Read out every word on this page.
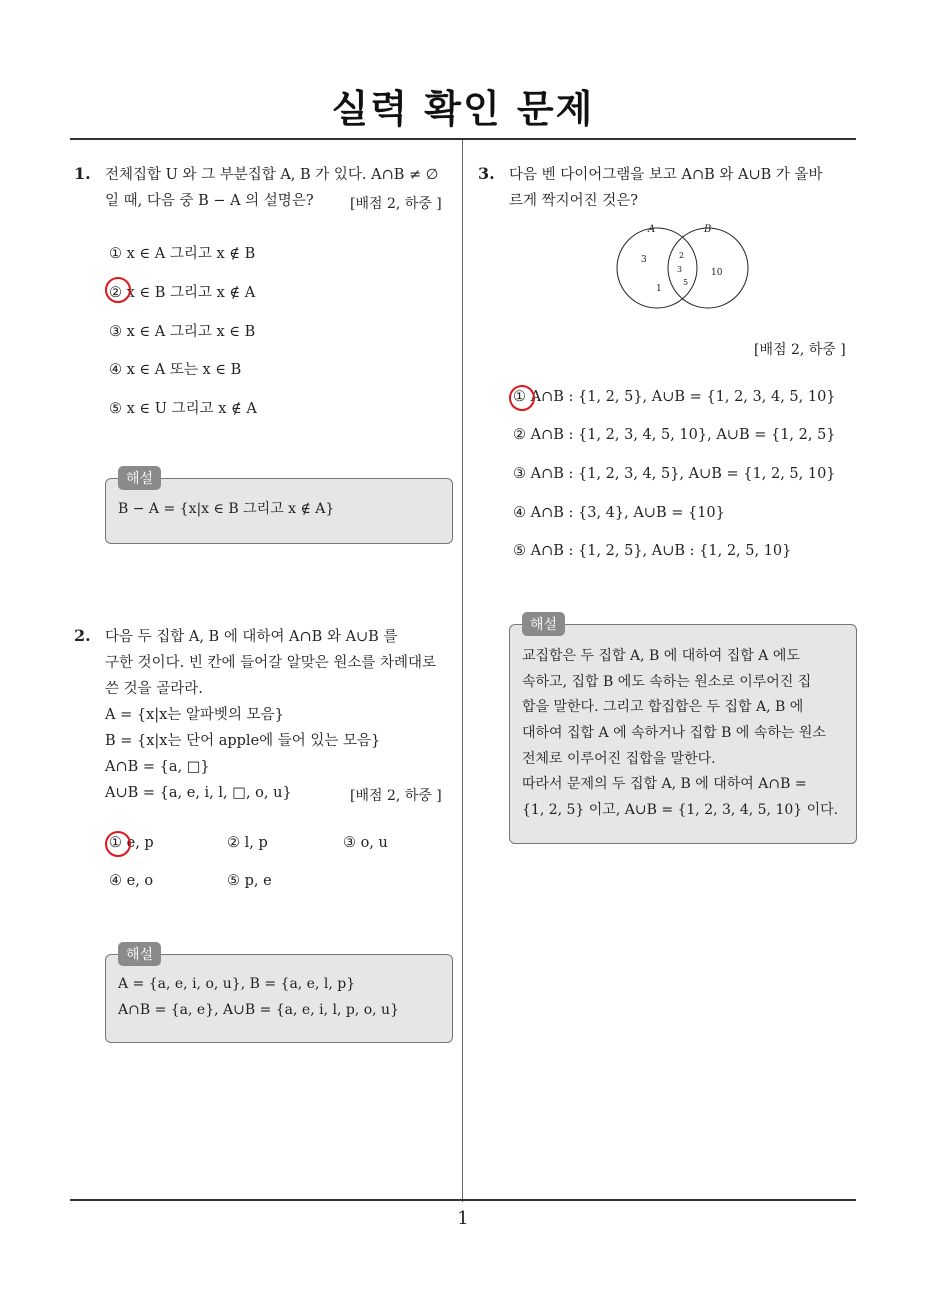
실력 확인 문제
1. 전체집합 U 와 그 부분집합 A, B 가 있다. A∩B ≠ ∅
일 때, 다음 중 B − A 의 설명은?	[배점 2, 하중 ]
① x ∈ A 그리고 x ∉ B
② x ∈ B 그리고 x ∉ A
③ x ∈ A 그리고 x ∈ B
④ x ∈ A 또는 x ∈ B
⑤ x ∈ U 그리고 x ∉ A
해설
B − A = {x|x ∈ B 그리고 x ∉ A}
2. 다음 두 집합 A, B 에 대하여 A∩B 와 A∪B 를
구한 것이다. 빈 칸에 들어갈 알맞은 원소를 차례대로
쓴 것을 골라라.
A = {x|x는 알파벳의 모음}
B = {x|x는 단어 apple에 들어 있는 모음}
A∩B = {a, □}
A∪B = {a, e, i, l, □, o, u}	[배점 2, 하중 ]
① e, p	② l, p	③ o, u
④ e, o	⑤ p, e
해설
A = {a, e, i, o, u}, B = {a, e, l, p}
A∩B = {a, e}, A∪B = {a, e, i, l, p, o, u}
3. 다음 벤 다이어그램을 보고 A∩B 와 A∪B 가 올바
르게 짝지어진 것은?
A	B
3
1
2
3
5
10
[배점 2, 하중 ]
① A∩B : {1, 2, 5}, A∪B = {1, 2, 3, 4, 5, 10}
② A∩B : {1, 2, 3, 4, 5, 10}, A∪B = {1, 2, 5}
③ A∩B : {1, 2, 3, 4, 5}, A∪B = {1, 2, 5, 10}
④ A∩B : {3, 4}, A∪B = {10}
⑤ A∩B : {1, 2, 5}, A∪B : {1, 2, 5, 10}
해설
교집합은 두 집합 A, B 에 대하여 집합 A 에도
속하고, 집합 B 에도 속하는 원소로 이루어진 집
합을 말한다. 그리고 합집합은 두 집합 A, B 에
대하여 집합 A 에 속하거나 집합 B 에 속하는 원소
전체로 이루어진 집합을 말한다.
따라서 문제의 두 집합 A, B 에 대하여 A∩B =
{1, 2, 5} 이고, A∪B = {1, 2, 3, 4, 5, 10} 이다.
1
